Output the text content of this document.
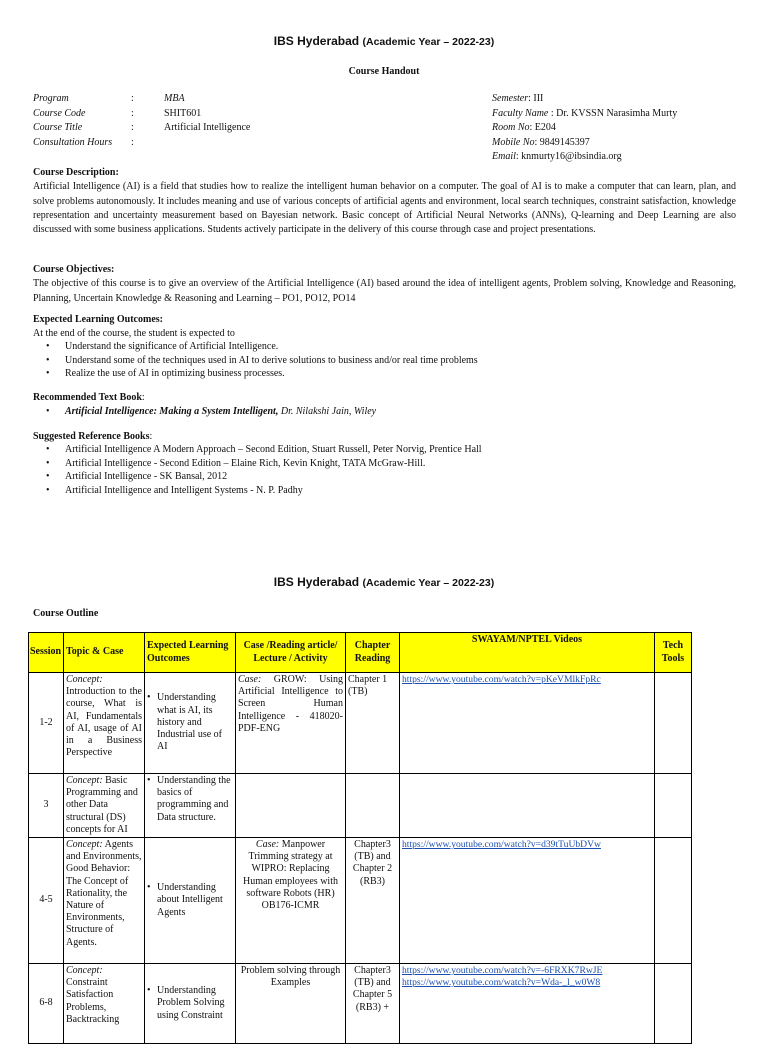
IBS Hyderabad (Academic Year – 2022-23)
Course Handout
Program	:	MBA
Course Code	:	SHIT601
Course Title	:	Artificial Intelligence
Consultation Hours :
Semester: III
Faculty Name : Dr. KVSSN Narasimha Murty
Room No: E204
Mobile No: 9849145397
Email: knmurty16@ibsindia.org
Course Description:
Artificial Intelligence (AI) is a field that studies how to realize the intelligent human behavior on a computer. The goal of AI is to make a computer that can learn, plan, and solve problems autonomously. It includes meaning and use of various concepts of artificial agents and environment, local search techniques, constraint satisfaction, knowledge representation and uncertainty measurement based on Bayesian network. Basic concept of Artificial Neural Networks (ANNs), Q-learning and Deep Learning are also discussed with some business applications. Students actively participate in the delivery of this course through case and project presentations.
Course Objectives:
The objective of this course is to give an overview of the Artificial Intelligence (AI) based around the idea of intelligent agents, Problem solving, Knowledge and Reasoning, Planning, Uncertain Knowledge & Reasoning and Learning – PO1, PO12, PO14
Expected Learning Outcomes:
At the end of the course, the student is expected to
• Understand the significance of Artificial Intelligence.
• Understand some of the techniques used in AI to derive solutions to business and/or real time problems
• Realize the use of AI in optimizing business processes.
Recommended Text Book:
• Artificial Intelligence: Making a System Intelligent, Dr. Nilakshi Jain, Wiley
Suggested Reference Books:
• Artificial Intelligence A Modern Approach – Second Edition, Stuart Russell, Peter Norvig, Prentice Hall
• Artificial Intelligence - Second Edition – Elaine Rich, Kevin Knight, TATA McGraw-Hill.
• Artificial Intelligence - SK Bansal, 2012
• Artificial Intelligence and Intelligent Systems - N. P. Padhy
IBS Hyderabad (Academic Year – 2022-23)
Course Outline
Session	Topic & Case	Expected Learning Outcomes	Case /Reading article/ Lecture / Activity	Chapter Reading	SWAYAM/NPTEL Videos	Tech Tools
1-2	Concept: Introduction to the course, What is AI, Fundamentals of AI, usage of AI in a Business Perspective	• Understanding what is AI, its history and Industrial use of AI	Case: GROW: Using Artificial Intelligence to Screen Human Intelligence - 418020-PDF-ENG	Chapter 1 (TB)	https://www.youtube.com/watch?v=pKeVMlkFpRc	

3	Concept: Basic Programming and other Data structural (DS) concepts for AI	• Understanding the basics of programming and Data structure.				

4-5	Concept: Agents and Environments, Good Behavior: The Concept of Rationality, the Nature of Environments, Structure of Agents.	• Understanding about Intelligent Agents	Case: Manpower Trimming strategy at WIPRO: Replacing Human employees with software Robots (HR) OB176-ICMR	Chapter3 (TB) and Chapter 2 (RB3)	https://www.youtube.com/watch?v=d39tTuUbDVw	

6-8	Concept: Constraint Satisfaction Problems, Backtracking	• Understanding Problem Solving using Constraint	Problem solving through Examples	Chapter3 (TB) and Chapter 5 (RB3) +	https://www.youtube.com/watch?v=-6FRXK7RwJE
https://www.youtube.com/watch?v=Wda-_l_w0W8	
